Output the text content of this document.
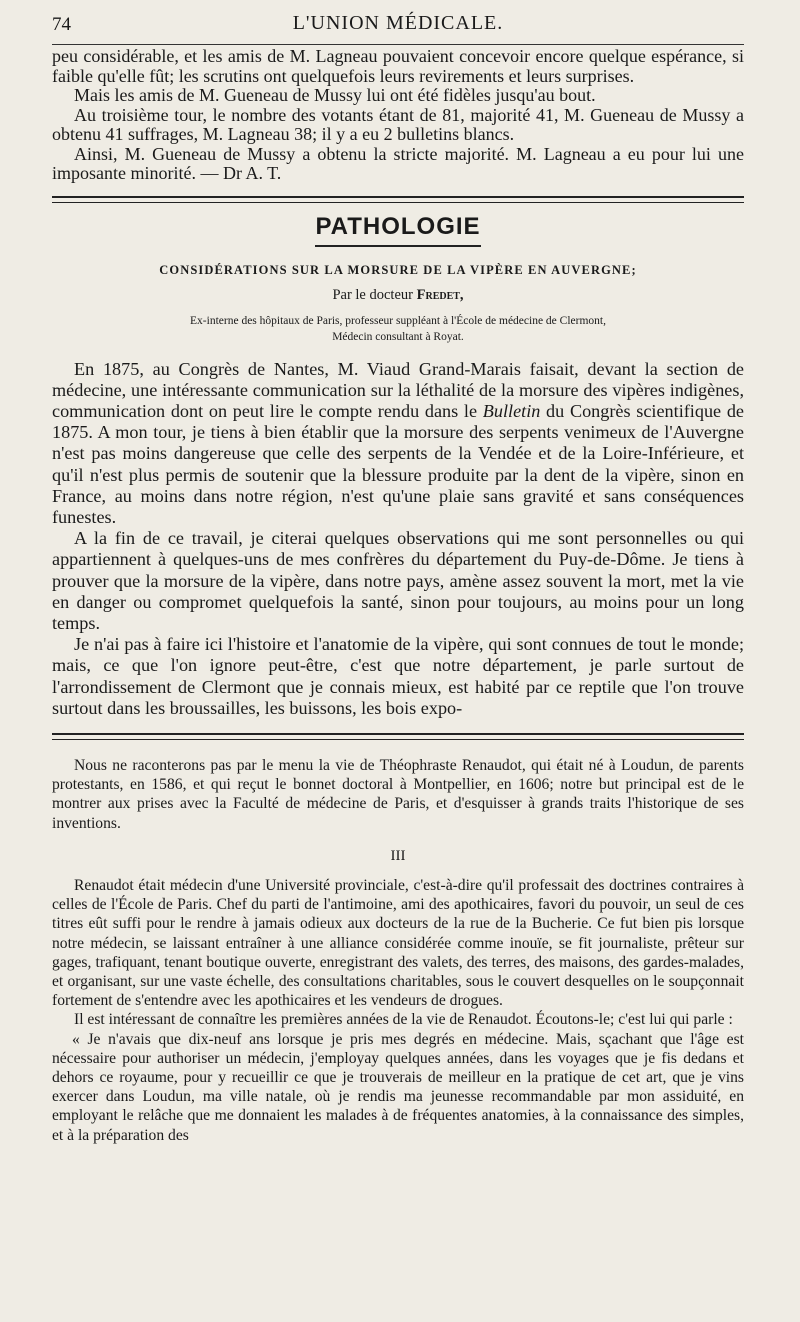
74	L'UNION MÉDICALE.

peu considérable, et les amis de M. Lagneau pouvaient concevoir encore quelque espérance, si faible qu'elle fût; les scrutins ont quelquefois leurs revirements et leurs surprises.

Mais les amis de M. Gueneau de Mussy lui ont été fidèles jusqu'au bout.

Au troisième tour, le nombre des votants étant de 81, majorité 41, M. Gueneau de Mussy a obtenu 41 suffrages, M. Lagneau 38; il y a eu 2 bulletins blancs.

Ainsi, M. Gueneau de Mussy a obtenu la stricte majorité. M. Lagneau a eu pour lui une imposante minorité. — Dr A. T.

PATHOLOGIE
CONSIDÉRATIONS SUR LA MORSURE DE LA VIPÈRE EN AUVERGNE;
Par le docteur Fredet,
Ex-interne des hôpitaux de Paris, professeur suppléant à l'École de médecine de Clermont,
Médecin consultant à Royat.

En 1875, au Congrès de Nantes, M. Viaud Grand-Marais faisait, devant la section de médecine, une intéressante communication sur la léthalité de la morsure des vipères indigènes, communication dont on peut lire le compte rendu dans le Bulletin du Congrès scientifique de 1875. A mon tour, je tiens à bien établir que la morsure des serpents venimeux de l'Auvergne n'est pas moins dangereuse que celle des serpents de la Vendée et de la Loire-Inférieure, et qu'il n'est plus permis de soutenir que la blessure produite par la dent de la vipère, sinon en France, au moins dans notre région, n'est qu'une plaie sans gravité et sans conséquences funestes.

A la fin de ce travail, je citerai quelques observations qui me sont personnelles ou qui appartiennent à quelques-uns de mes confrères du département du Puy-de-Dôme. Je tiens à prouver que la morsure de la vipère, dans notre pays, amène assez souvent la mort, met la vie en danger ou compromet quelquefois la santé, sinon pour toujours, au moins pour un long temps.

Je n'ai pas à faire ici l'histoire et l'anatomie de la vipère, qui sont connues de tout le monde; mais, ce que l'on ignore peut-être, c'est que notre département, je parle surtout de l'arrondissement de Clermont que je connais mieux, est habité par ce reptile que l'on trouve surtout dans les broussailles, les buissons, les bois expo-

Nous ne raconterons pas par le menu la vie de Théophraste Renaudot, qui était né à Loudun, de parents protestants, en 1586, et qui reçut le bonnet doctoral à Montpellier, en 1606; notre but principal est de le montrer aux prises avec la Faculté de médecine de Paris, et d'esquisser à grands traits l'historique de ses inventions.

III

Renaudot était médecin d'une Université provinciale, c'est-à-dire qu'il professait des doctrines contraires à celles de l'École de Paris. Chef du parti de l'antimoine, ami des apothicaires, favori du pouvoir, un seul de ces titres eût suffi pour le rendre à jamais odieux aux docteurs de la rue de la Bucherie. Ce fut bien pis lorsque notre médecin, se laissant entraîner à une alliance considérée comme inouïe, se fit journaliste, prêteur sur gages, trafiquant, tenant boutique ouverte, enregistrant des valets, des terres, des maisons, des gardes-malades, et organisant, sur une vaste échelle, des consultations charitables, sous le couvert desquelles on le soupçonnait fortement de s'entendre avec les apothicaires et les vendeurs de drogues.

Il est intéressant de connaître les premières années de la vie de Renaudot. Écoutons-le; c'est lui qui parle :

« Je n'avais que dix-neuf ans lorsque je pris mes degrés en médecine. Mais, sçachant que l'âge est nécessaire pour authoriser un médecin, j'employay quelques années, dans les voyages que je fis dedans et dehors ce royaume, pour y recueillir ce que je trouverais de meilleur en la pratique de cet art, que je vins exercer dans Loudun, ma ville natale, où je rendis ma jeunesse recommandable par mon assiduité, en employant le relâche que me donnaient les malades à de fréquentes anatomies, à la connaissance des simples, et à la préparation des
